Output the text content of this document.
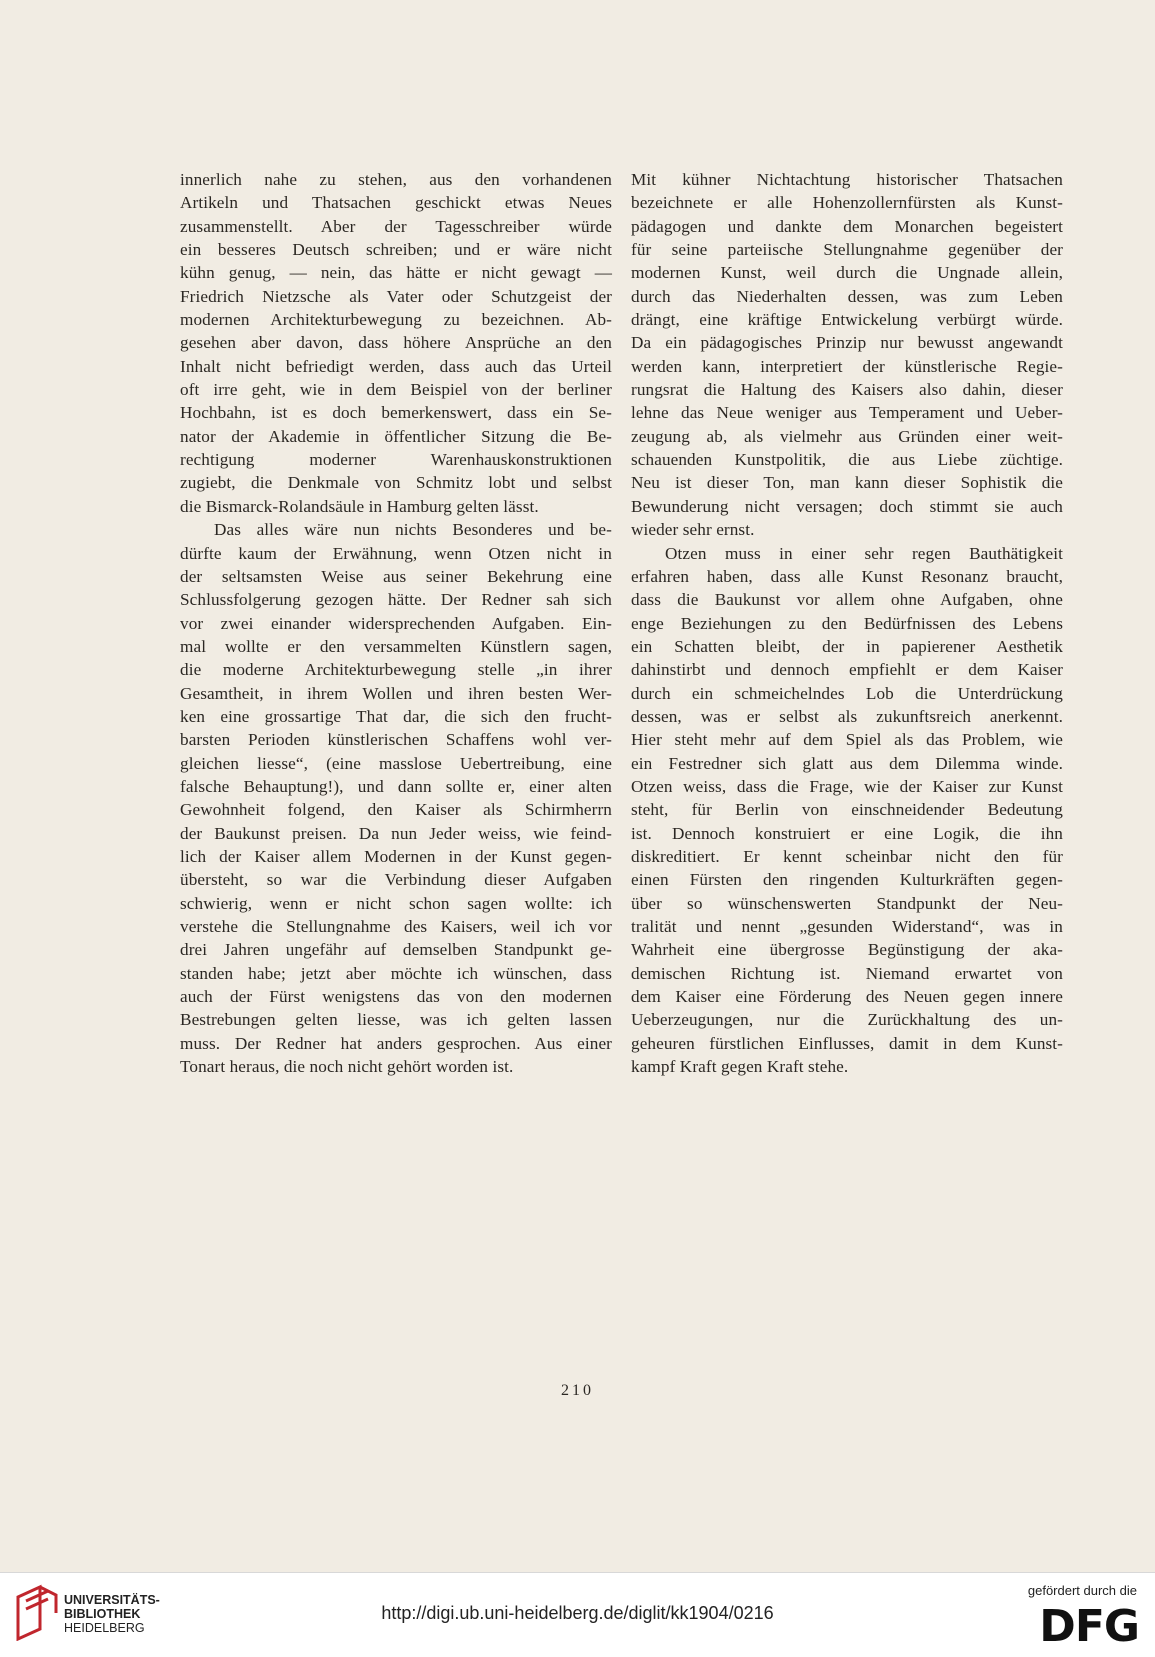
innerlich nahe zu stehen, aus den vorhandenen
Artikeln und Thatsachen geschickt etwas Neues
zusammenstellt. Aber der Tagesschreiber würde
ein besseres Deutsch schreiben; und er wäre nicht
kühn genug, — nein, das hätte er nicht gewagt —
Friedrich Nietzsche als Vater oder Schutzgeist der
modernen Architekturbewegung zu bezeichnen. Ab-
gesehen aber davon, dass höhere Ansprüche an den
Inhalt nicht befriedigt werden, dass auch das Urteil
oft irre geht, wie in dem Beispiel von der berliner
Hochbahn, ist es doch bemerkenswert, dass ein Se-
nator der Akademie in öffentlicher Sitzung die Be-
rechtigung moderner Warenhauskonstruktionen
zugiebt, die Denkmale von Schmitz lobt und selbst
die Bismarck-Rolandsäule in Hamburg gelten lässt.
Das alles wäre nun nichts Besonderes und be-
dürfte kaum der Erwähnung, wenn Otzen nicht in
der seltsamsten Weise aus seiner Bekehrung eine
Schlussfolgerung gezogen hätte. Der Redner sah sich
vor zwei einander widersprechenden Aufgaben. Ein-
mal wollte er den versammelten Künstlern sagen,
die moderne Architekturbewegung stelle „in ihrer
Gesamtheit, in ihrem Wollen und ihren besten Wer-
ken eine grossartige That dar, die sich den frucht-
barsten Perioden künstlerischen Schaffens wohl ver-
gleichen liesse“, (eine masslose Uebertreibung, eine
falsche Behauptung!), und dann sollte er, einer alten
Gewohnheit folgend, den Kaiser als Schirmherrn
der Baukunst preisen. Da nun Jeder weiss, wie feind-
lich der Kaiser allem Modernen in der Kunst gegen-
übersteht, so war die Verbindung dieser Aufgaben
schwierig, wenn er nicht schon sagen wollte: ich
verstehe die Stellungnahme des Kaisers, weil ich vor
drei Jahren ungefähr auf demselben Standpunkt ge-
standen habe; jetzt aber möchte ich wünschen, dass
auch der Fürst wenigstens das von den modernen
Bestrebungen gelten liesse, was ich gelten lassen
muss. Der Redner hat anders gesprochen. Aus einer
Tonart heraus, die noch nicht gehört worden ist.
Mit kühner Nichtachtung historischer Thatsachen
bezeichnete er alle Hohenzollernfürsten als Kunst-
pädagogen und dankte dem Monarchen begeistert
für seine parteiische Stellungnahme gegenüber der
modernen Kunst, weil durch die Ungnade allein,
durch das Niederhalten dessen, was zum Leben
drängt, eine kräftige Entwickelung verbürgt würde.
Da ein pädagogisches Prinzip nur bewusst angewandt
werden kann, interpretiert der künstlerische Regie-
rungsrat die Haltung des Kaisers also dahin, dieser
lehne das Neue weniger aus Temperament und Ueber-
zeugung ab, als vielmehr aus Gründen einer weit-
schauenden Kunstpolitik, die aus Liebe züchtige.
Neu ist dieser Ton, man kann dieser Sophistik die
Bewunderung nicht versagen; doch stimmt sie auch
wieder sehr ernst.
Otzen muss in einer sehr regen Bauthätigkeit
erfahren haben, dass alle Kunst Resonanz braucht,
dass die Baukunst vor allem ohne Aufgaben, ohne
enge Beziehungen zu den Bedürfnissen des Lebens
ein Schatten bleibt, der in papierener Aesthetik
dahinstirbt und dennoch empfiehlt er dem Kaiser
durch ein schmeichelndes Lob die Unterdrückung
dessen, was er selbst als zukunftsreich anerkennt.
Hier steht mehr auf dem Spiel als das Problem, wie
ein Festredner sich glatt aus dem Dilemma winde.
Otzen weiss, dass die Frage, wie der Kaiser zur Kunst
steht, für Berlin von einschneidender Bedeutung
ist. Dennoch konstruiert er eine Logik, die ihn
diskreditiert. Er kennt scheinbar nicht den für
einen Fürsten den ringenden Kulturkräften gegen-
über so wünschenswerten Standpunkt der Neu-
tralität und nennt „gesunden Widerstand“, was in
Wahrheit eine übergrosse Begünstigung der aka-
demischen Richtung ist. Niemand erwartet von
dem Kaiser eine Förderung des Neuen gegen innere
Ueberzeugungen, nur die Zurückhaltung des un-
geheuren fürstlichen Einflusses, damit in dem Kunst-
kampf Kraft gegen Kraft stehe.
210
UNIVERSITÄTS-
BIBLIOTHEK
HEIDELBERG
http://digi.ub.uni-heidelberg.de/diglit/kk1904/0216
gefördert durch die
DFG
